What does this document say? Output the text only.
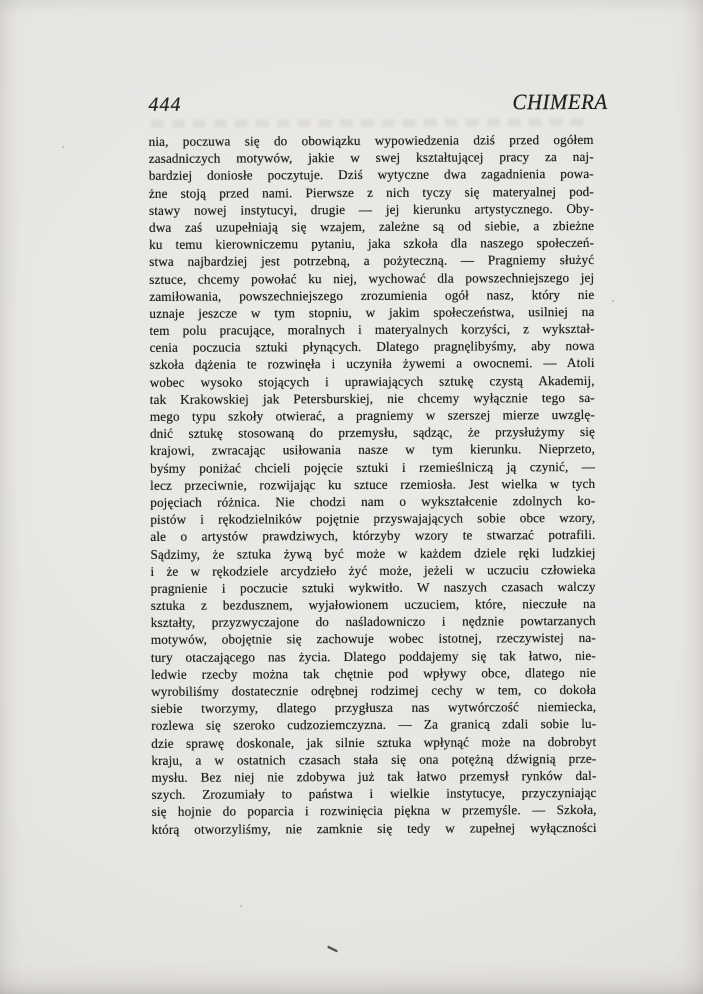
444	CHIMERA
nia, poczuwa się do obowiązku wypowiedzenia dziś przed ogółem
zasadniczych motywów, jakie w swej kształtującej pracy za naj-
bardziej doniosłe poczytuje. Dziś wytyczne dwa zagadnienia powa-
żne stoją przed nami. Pierwsze z nich tyczy się materyalnej pod-
stawy nowej instytucyi, drugie — jej kierunku artystycznego. Oby-
dwa zaś uzupełniają się wzajem, zależne są od siebie, a zbieżne
ku temu kierowniczemu pytaniu, jaka szkoła dla naszego społeczeń-
stwa najbardziej jest potrzebną, a pożyteczną. — Pragniemy służyć
sztuce, chcemy powołać ku niej, wychować dla powszechniejszego jej
zamiłowania, powszechniejszego zrozumienia ogół nasz, który nie
uznaje jeszcze w tym stopniu, w jakim społeczeństwa, usilniej na
tem polu pracujące, moralnych i materyalnych korzyści, z wykształ-
cenia poczucia sztuki płynących. Dlatego pragnęlibyśmy, aby nowa
szkoła dążenia te rozwinęła i uczyniła żywemi a owocnemi. — Atoli
wobec wysoko stojących i uprawiających sztukę czystą Akademij,
tak Krakowskiej jak Petersburskiej, nie chcemy wyłącznie tego sa-
mego typu szkoły otwierać, a pragniemy w szerszej mierze uwzglę-
dnić sztukę stosowaną do przemysłu, sądząc, że przysłużymy się
krajowi, zwracając usiłowania nasze w tym kierunku. Nieprzeto,
byśmy poniżać chcieli pojęcie sztuki i rzemieślniczą ją czynić, —
lecz przeciwnie, rozwijając ku sztuce rzemiosła. Jest wielka w tych
pojęciach różnica. Nie chodzi nam o wykształcenie zdolnych ko-
pistów i rękodzielników pojętnie przyswajających sobie obce wzory,
ale o artystów prawdziwych, którzyby wzory te stwarzać potrafili.
Sądzimy, że sztuka żywą być może w każdem dziele ręki ludzkiej
i że w rękodziele arcydzieło żyć może, jeżeli w uczuciu człowieka
pragnienie i poczucie sztuki wykwitło. W naszych czasach walczy
sztuka z bezdusznem, wyjałowionem uczuciem, które, nieczułe na
kształty, przyzwyczajone do naśladowniczo i nędznie powtarzanych
motywów, obojętnie się zachowuje wobec istotnej, rzeczywistej na-
tury otaczającego nas życia. Dlatego poddajemy się tak łatwo, nie-
ledwie rzecby można tak chętnie pod wpływy obce, dlatego nie
wyrobiliśmy dostatecznie odrębnej rodzimej cechy w tem, co dokoła
siebie tworzymy, dlatego przygłusza nas wytwórczość niemiecka,
rozlewa się szeroko cudzoziemczyzna. — Za granicą zdali sobie lu-
dzie sprawę doskonale, jak silnie sztuka wpłynąć może na dobrobyt
kraju, a w ostatnich czasach stała się ona potężną dźwignią prze-
mysłu. Bez niej nie zdobywa już tak łatwo przemysł rynków dal-
szych. Zrozumiały to państwa i wielkie instytucye, przyczyniając
się hojnie do poparcia i rozwinięcia piękna w przemyśle. — Szkoła,
którą otworzyliśmy, nie zamknie się tedy w zupełnej wyłączności
